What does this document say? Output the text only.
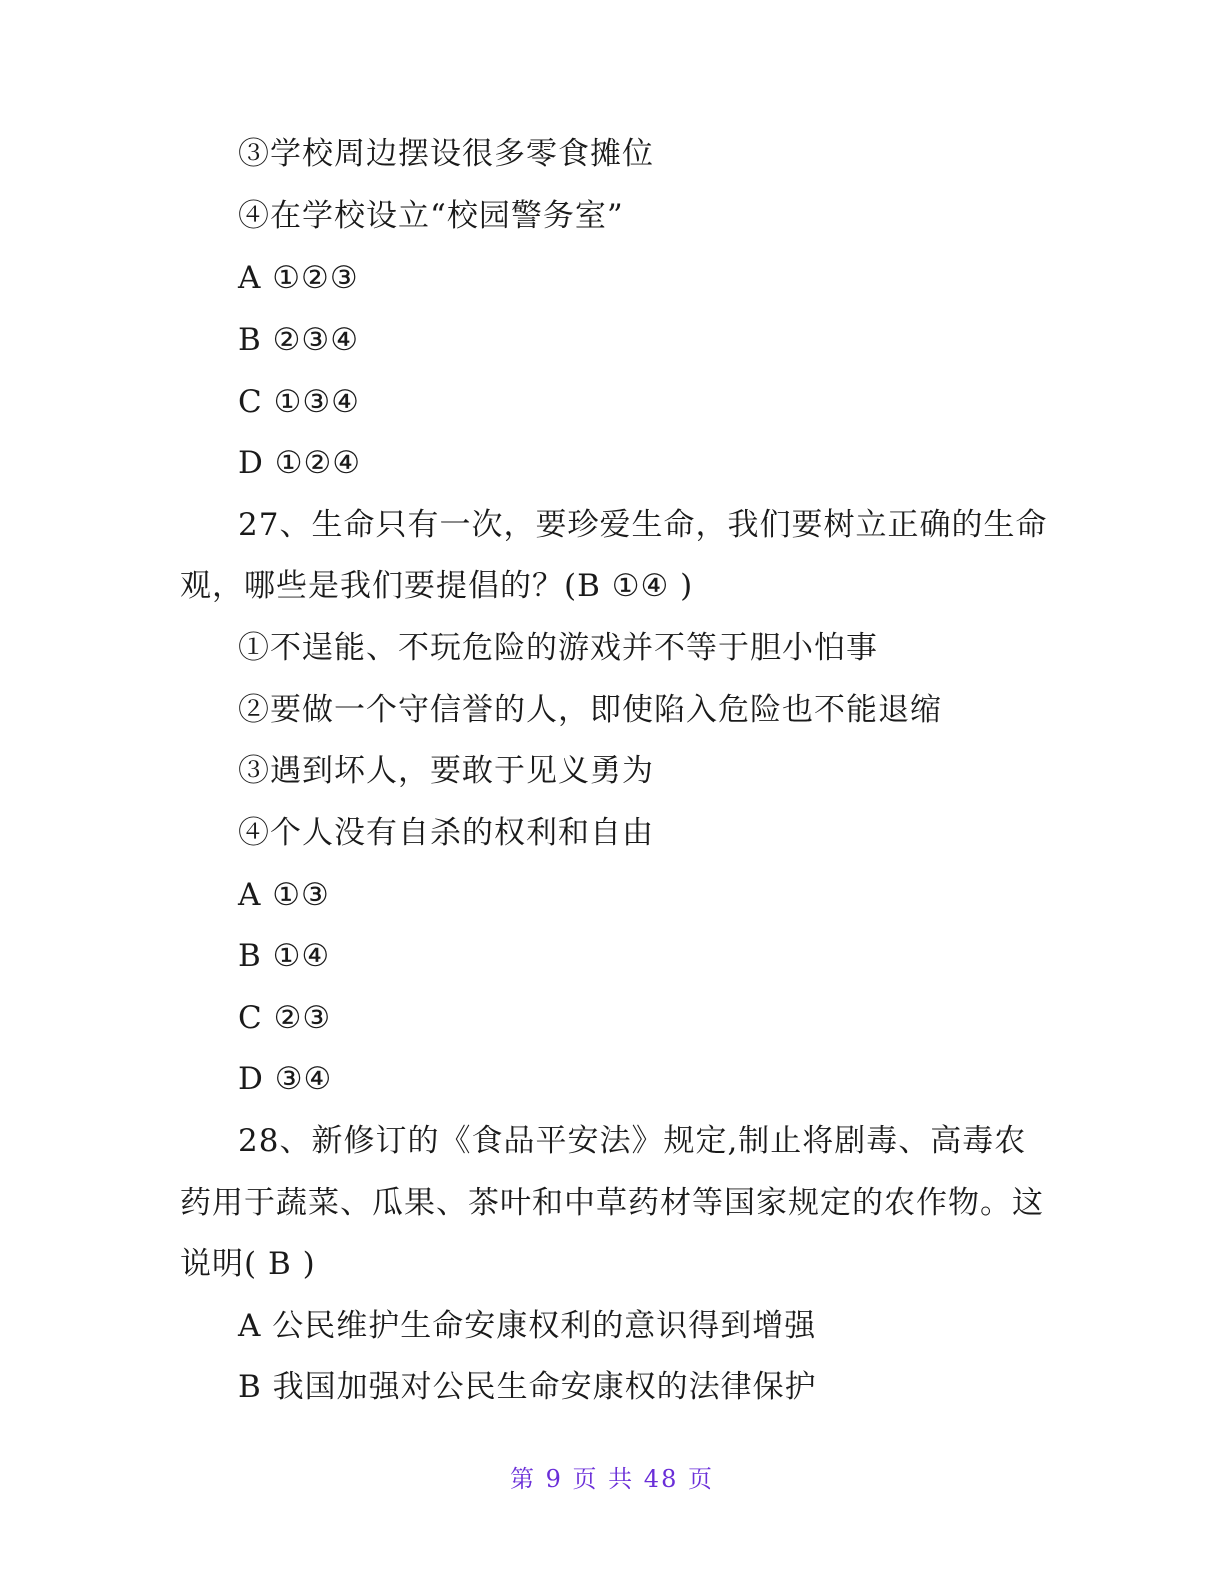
③学校周边摆设很多零食摊位
④在学校设立“校园警务室”
A ①②③
B ②③④
C ①③④
D ①②④
27、生命只有一次，要珍爱生命，我们要树立正确的生命
观，哪些是我们要提倡的？(B ①④ )
①不逞能、不玩危险的游戏并不等于胆小怕事
②要做一个守信誉的人，即使陷入危险也不能退缩
③遇到坏人，要敢于见义勇为
④个人没有自杀的权利和自由
A ①③
B ①④
C ②③
D ③④
28、新修订的《食品平安法》规定,制止将剧毒、高毒农
药用于蔬菜、瓜果、茶叶和中草药材等国家规定的农作物。这
说明( B )
A 公民维护生命安康权利的意识得到增强
B 我国加强对公民生命安康权的法律保护
第 9 页 共 48 页
